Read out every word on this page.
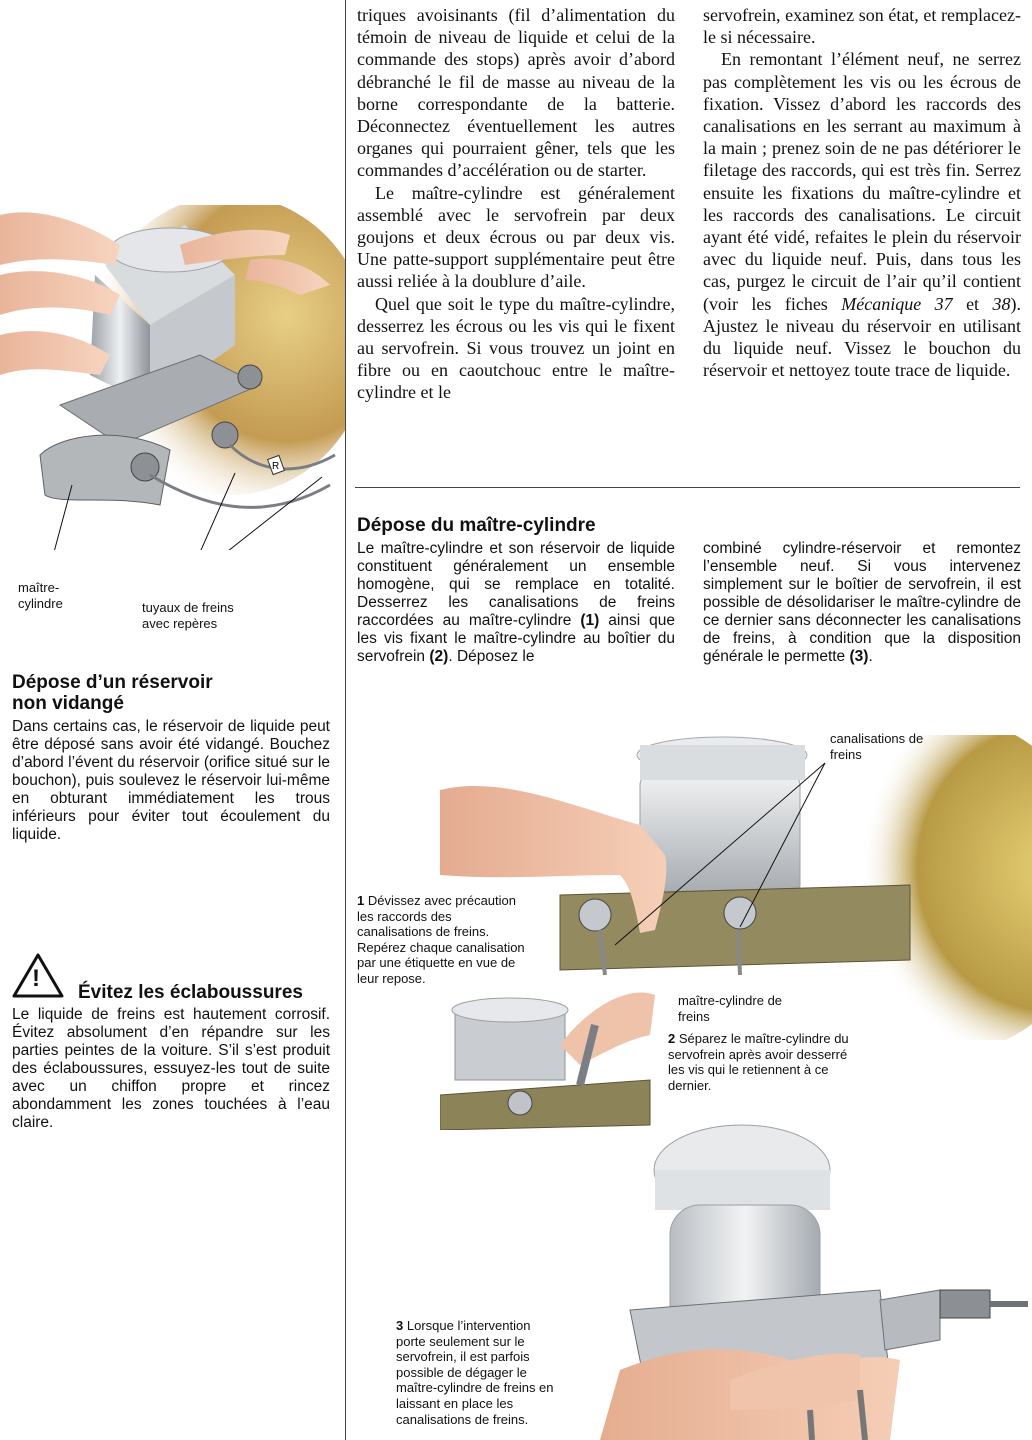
R
maître-cylindre	tuyaux de freins avec repères

triques avoisinants (fil d’alimentation du témoin de niveau de liquide et celui de la commande des stops) après avoir d’abord débranché le fil de masse au niveau de la borne correspondante de la batterie. Déconnectez éventuellement les autres organes qui pourraient gêner, tels que les commandes d’accélération ou de starter.

Le maître-cylindre est généralement assemblé avec le servofrein par deux goujons et deux écrous ou par deux vis. Une patte-support supplémentaire peut être aussi reliée à la doublure d’aile.

Quel que soit le type du maître-cylindre, desserrez les écrous ou les vis qui le fixent au servofrein. Si vous trouvez un joint en fibre ou en caoutchouc entre le maître-cylindre et le

servofrein, examinez son état, et remplacez-le si nécessaire.

En remontant l’élément neuf, ne serrez pas complètement les vis ou les écrous de fixation. Vissez d’abord les raccords des canalisations en les serrant au maximum à la main ; prenez soin de ne pas détériorer le filetage des raccords, qui est très fin. Serrez ensuite les fixations du maître-cylindre et les raccords des canalisations. Le circuit ayant été vidé, refaites le plein du réservoir avec du liquide neuf. Puis, dans tous les cas, purgez le circuit de l’air qu’il contient (voir les fiches Mécanique 37 et 38). Ajustez le niveau du réservoir en utilisant du liquide neuf. Vissez le bouchon du réservoir et nettoyez toute trace de liquide.

Dépose d’un réservoir non vidangé

Dans certains cas, le réservoir de liquide peut être déposé sans avoir été vidangé. Bouchez d’abord l’évent du réservoir (orifice situé sur le bouchon), puis soulevez le réservoir lui-même en obturant immédiatement les trous inférieurs pour éviter tout écoulement du liquide.

!
Évitez les éclaboussures

Le liquide de freins est hautement corrosif. Évitez absolument d’en répandre sur les parties peintes de la voiture. S’il s’est produit des éclaboussures, essuyez-les tout de suite avec un chiffon propre et rincez abondamment les zones touchées à l’eau claire.

Dépose du maître-cylindre

Le maître-cylindre et son réservoir de liquide constituent généralement un ensemble homogène, qui se remplace en totalité. Desserrez les canalisations de freins raccordées au maître-cylindre (1) ainsi que les vis fixant le maître-cylindre au boîtier du servofrein (2). Déposez le

combiné cylindre-réservoir et remontez l’ensemble neuf. Si vous intervenez simplement sur le boîtier de servofrein, il est possible de désolidariser le maître-cylindre de ce dernier sans déconnecter les canalisations de freins, à condition que la disposition générale le permette (3).

canalisations de freins
maître-cylindre de freins

1 Dévissez avec précaution les raccords des canalisations de freins. Repérez chaque canalisation par une étiquette en vue de leur repose.

2 Séparez le maître-cylindre du servofrein après avoir desserré les vis qui le retiennent à ce dernier.

3 Lorsque l’intervention porte seulement sur le servofrein, il est parfois possible de dégager le maître-cylindre de freins en laissant en place les canalisations de freins.
